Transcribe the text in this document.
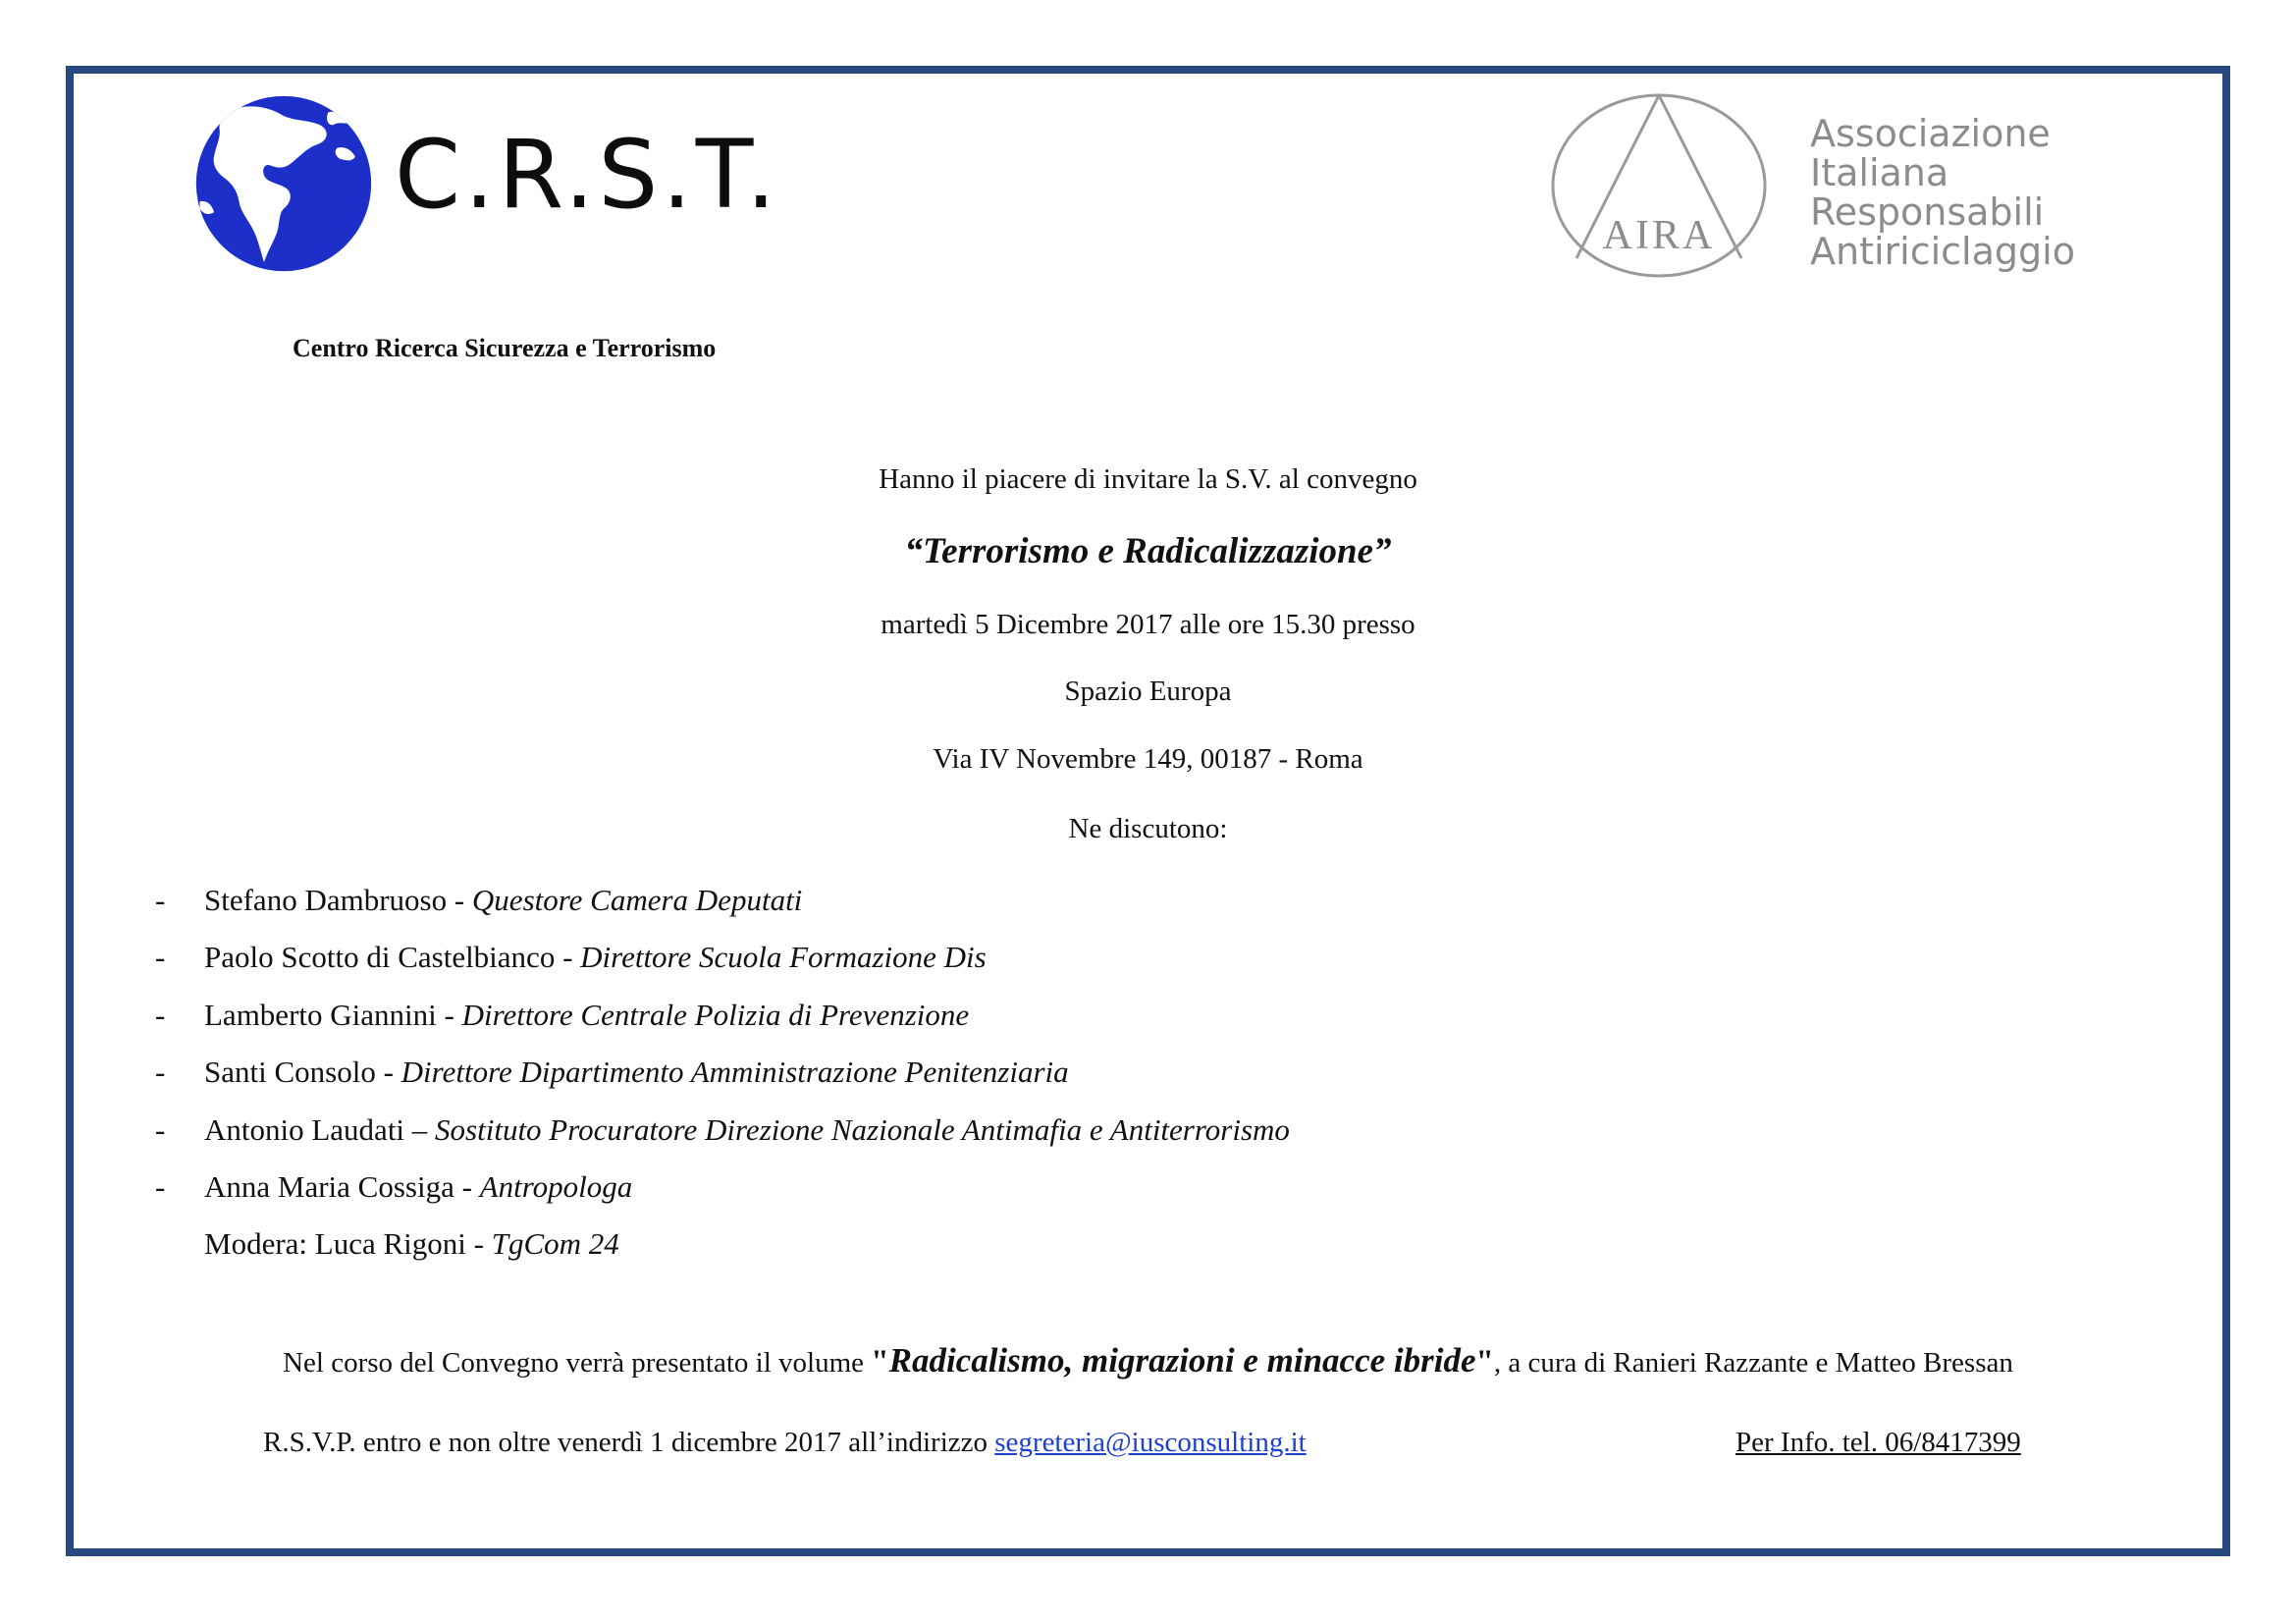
C.R.S.T.
Centro Ricerca Sicurezza e Terrorismo
AIRA
Associazione
Italiana
Responsabili
Antiriciclaggio
Hanno il piacere di invitare la S.V. al convegno
“Terrorismo e Radicalizzazione”
martedì 5 Dicembre 2017 alle ore 15.30 presso
Spazio Europa
Via IV Novembre 149, 00187 - Roma
Ne discutono:
- Stefano Dambruoso - Questore Camera Deputati
- Paolo Scotto di Castelbianco - Direttore Scuola Formazione Dis
- Lamberto Giannini - Direttore Centrale Polizia di Prevenzione
- Santi Consolo - Direttore Dipartimento Amministrazione Penitenziaria
- Antonio Laudati – Sostituto Procuratore Direzione Nazionale Antimafia e Antiterrorismo
- Anna Maria Cossiga - Antropologa
Modera: Luca Rigoni - TgCom 24
Nel corso del Convegno verrà presentato il volume "Radicalismo, migrazioni e minacce ibride", a cura di Ranieri Razzante e Matteo Bressan
R.S.V.P. entro e non oltre venerdì 1 dicembre 2017 all’indirizzo segreteria@iusconsulting.it	Per Info. tel. 06/8417399
